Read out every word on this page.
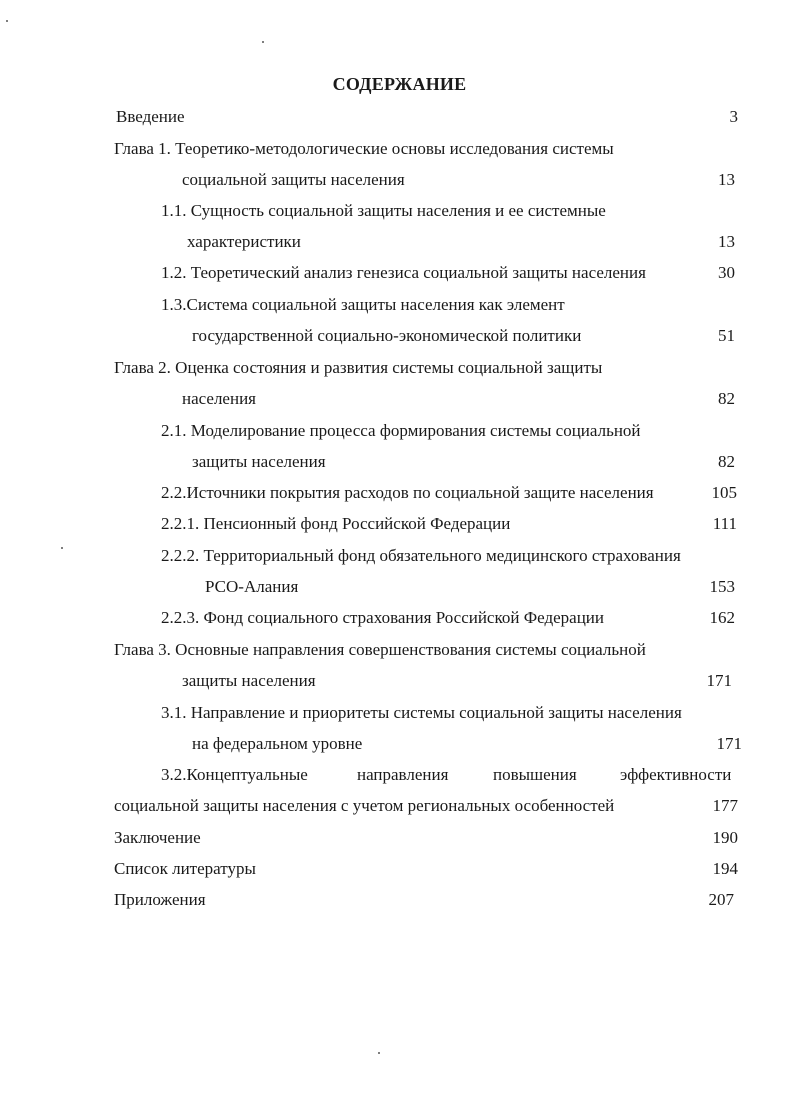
СОДЕРЖАНИЕ
Введение	3
Глава 1. Теоретико-методологические основы исследования системы
социальной защиты населения	13
1.1. Сущность социальной защиты населения и ее системные
характеристики	13
1.2. Теоретический анализ генезиса социальной защиты населения	30
1.3.Система социальной защиты населения как элемент
государственной социально-экономической политики	51
Глава 2. Оценка состояния и развития системы социальной защиты
населения	82
2.1. Моделирование процесса формирования системы социальной
защиты населения	82
2.2.Источники покрытия расходов по социальной защите населения	105
2.2.1. Пенсионный фонд Российской Федерации	111
2.2.2. Территориальный фонд обязательного медицинского страхования
РСО-Алания	153
2.2.3. Фонд социального страхования Российской Федерации	162
Глава 3. Основные направления совершенствования системы социальной
защиты населения	171
3.1. Направление и приоритеты системы социальной защиты населения
на федеральном уровне	171
3.2.Концептуальные	направления	повышения	эффективности
социальной защиты населения с учетом региональных особенностей	177
Заключение	190
Список литературы	194
Приложения	207
